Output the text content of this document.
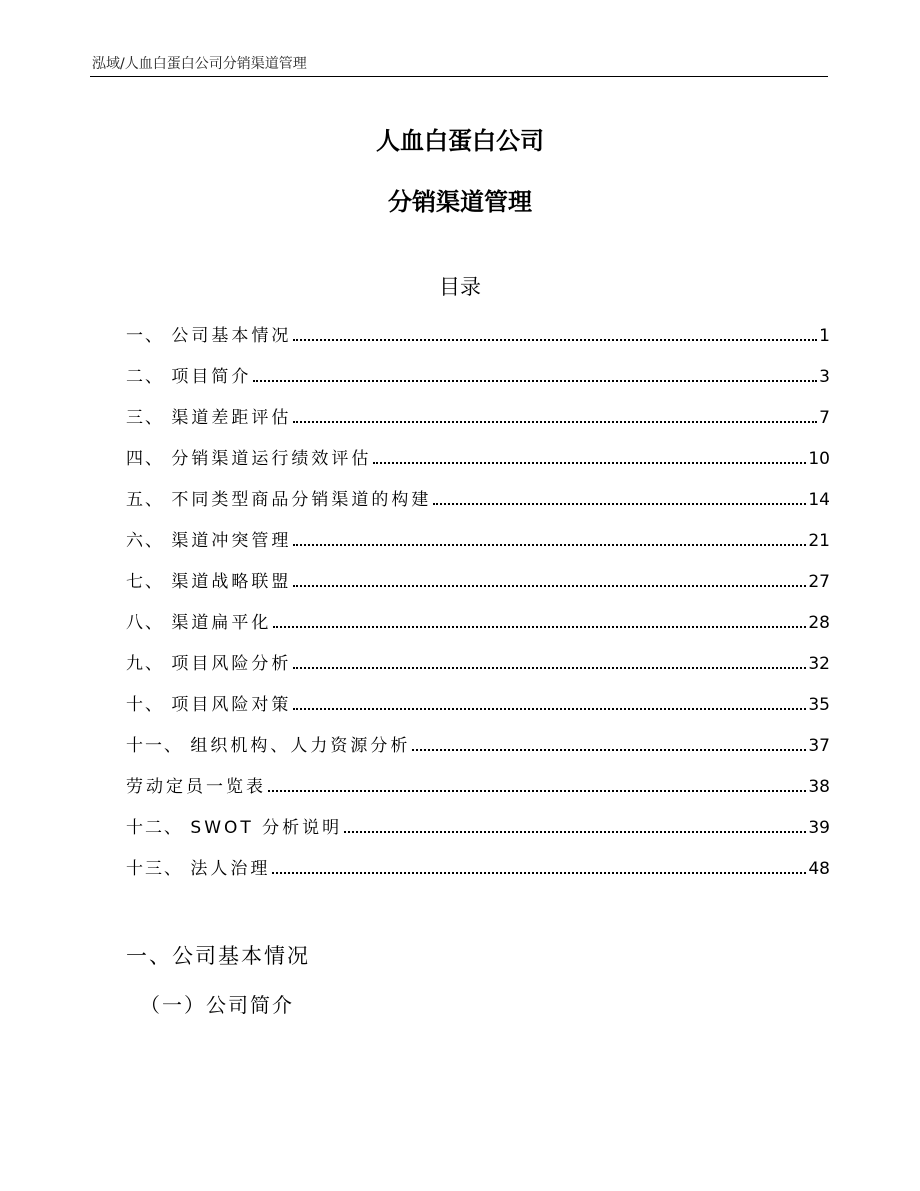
泓域/人血白蛋白公司分销渠道管理
人血白蛋白公司
分销渠道管理
目录
一、 公司基本情况	1
二、 项目简介	3
三、 渠道差距评估	7
四、 分销渠道运行绩效评估	10
五、 不同类型商品分销渠道的构建	14
六、 渠道冲突管理	21
七、 渠道战略联盟	27
八、 渠道扁平化	28
九、 项目风险分析	32
十、 项目风险对策	35
十一、 组织机构、人力资源分析	37
劳动定员一览表	38
十二、 SWOT 分析说明	39
十三、 法人治理	48
一、公司基本情况
（一）公司简介
